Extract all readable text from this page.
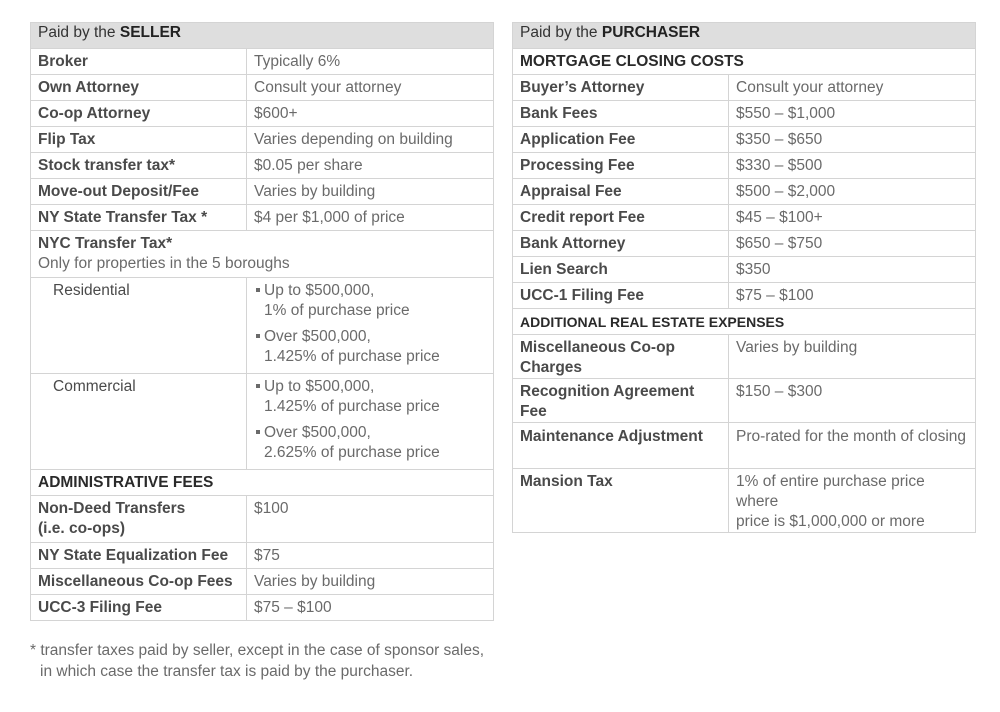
Paid by the SELLER	
Broker	Typically 6%
Own Attorney	Consult your attorney
Co-op Attorney	$600+
Flip Tax	Varies depending on building
Stock transfer tax*	$0.05 per share
Move-out Deposit/Fee	Varies by building
NY State Transfer Tax *	$4 per $1,000 of price
NYC Transfer Tax*
Only for properties in the 5 boroughs	

Residential	Up to $500,000,
1% of purchase price
Over $500,000,
1.425% of purchase price

Commercial	Up to $500,000,
1.425% of purchase price
Over $500,000,
2.625% of purchase price

ADMINISTRATIVE FEES	
Non-Deed Transfers
(i.e. co-ops)	$100
NY State Equalization Fee	$75
Miscellaneous Co-op Fees	Varies by building
UCC-3 Filing Fee	$75 – $100
Paid by the PURCHASER	
MORTGAGE CLOSING COSTS	
Buyer’s Attorney	Consult your attorney
Bank Fees	$550 – $1,000
Application Fee	$350 – $650
Processing Fee	$330 – $500
Appraisal Fee	$500 – $2,000
Credit report Fee	$45 – $100+
Bank Attorney	$650 – $750
Lien Search	$350
UCC-1 Filing Fee	$75 – $100
ADDITIONAL REAL ESTATE EXPENSES	
Miscellaneous Co-op Charges	Varies by building
Recognition Agreement Fee	$150 – $300
Maintenance Adjustment	Pro-rated for the month of closing
Mansion Tax	1% of entire purchase price where
price is $1,000,000 or more
* transfer taxes paid by seller, except in the case of sponsor sales,
in which case the transfer tax is paid by the purchaser.
